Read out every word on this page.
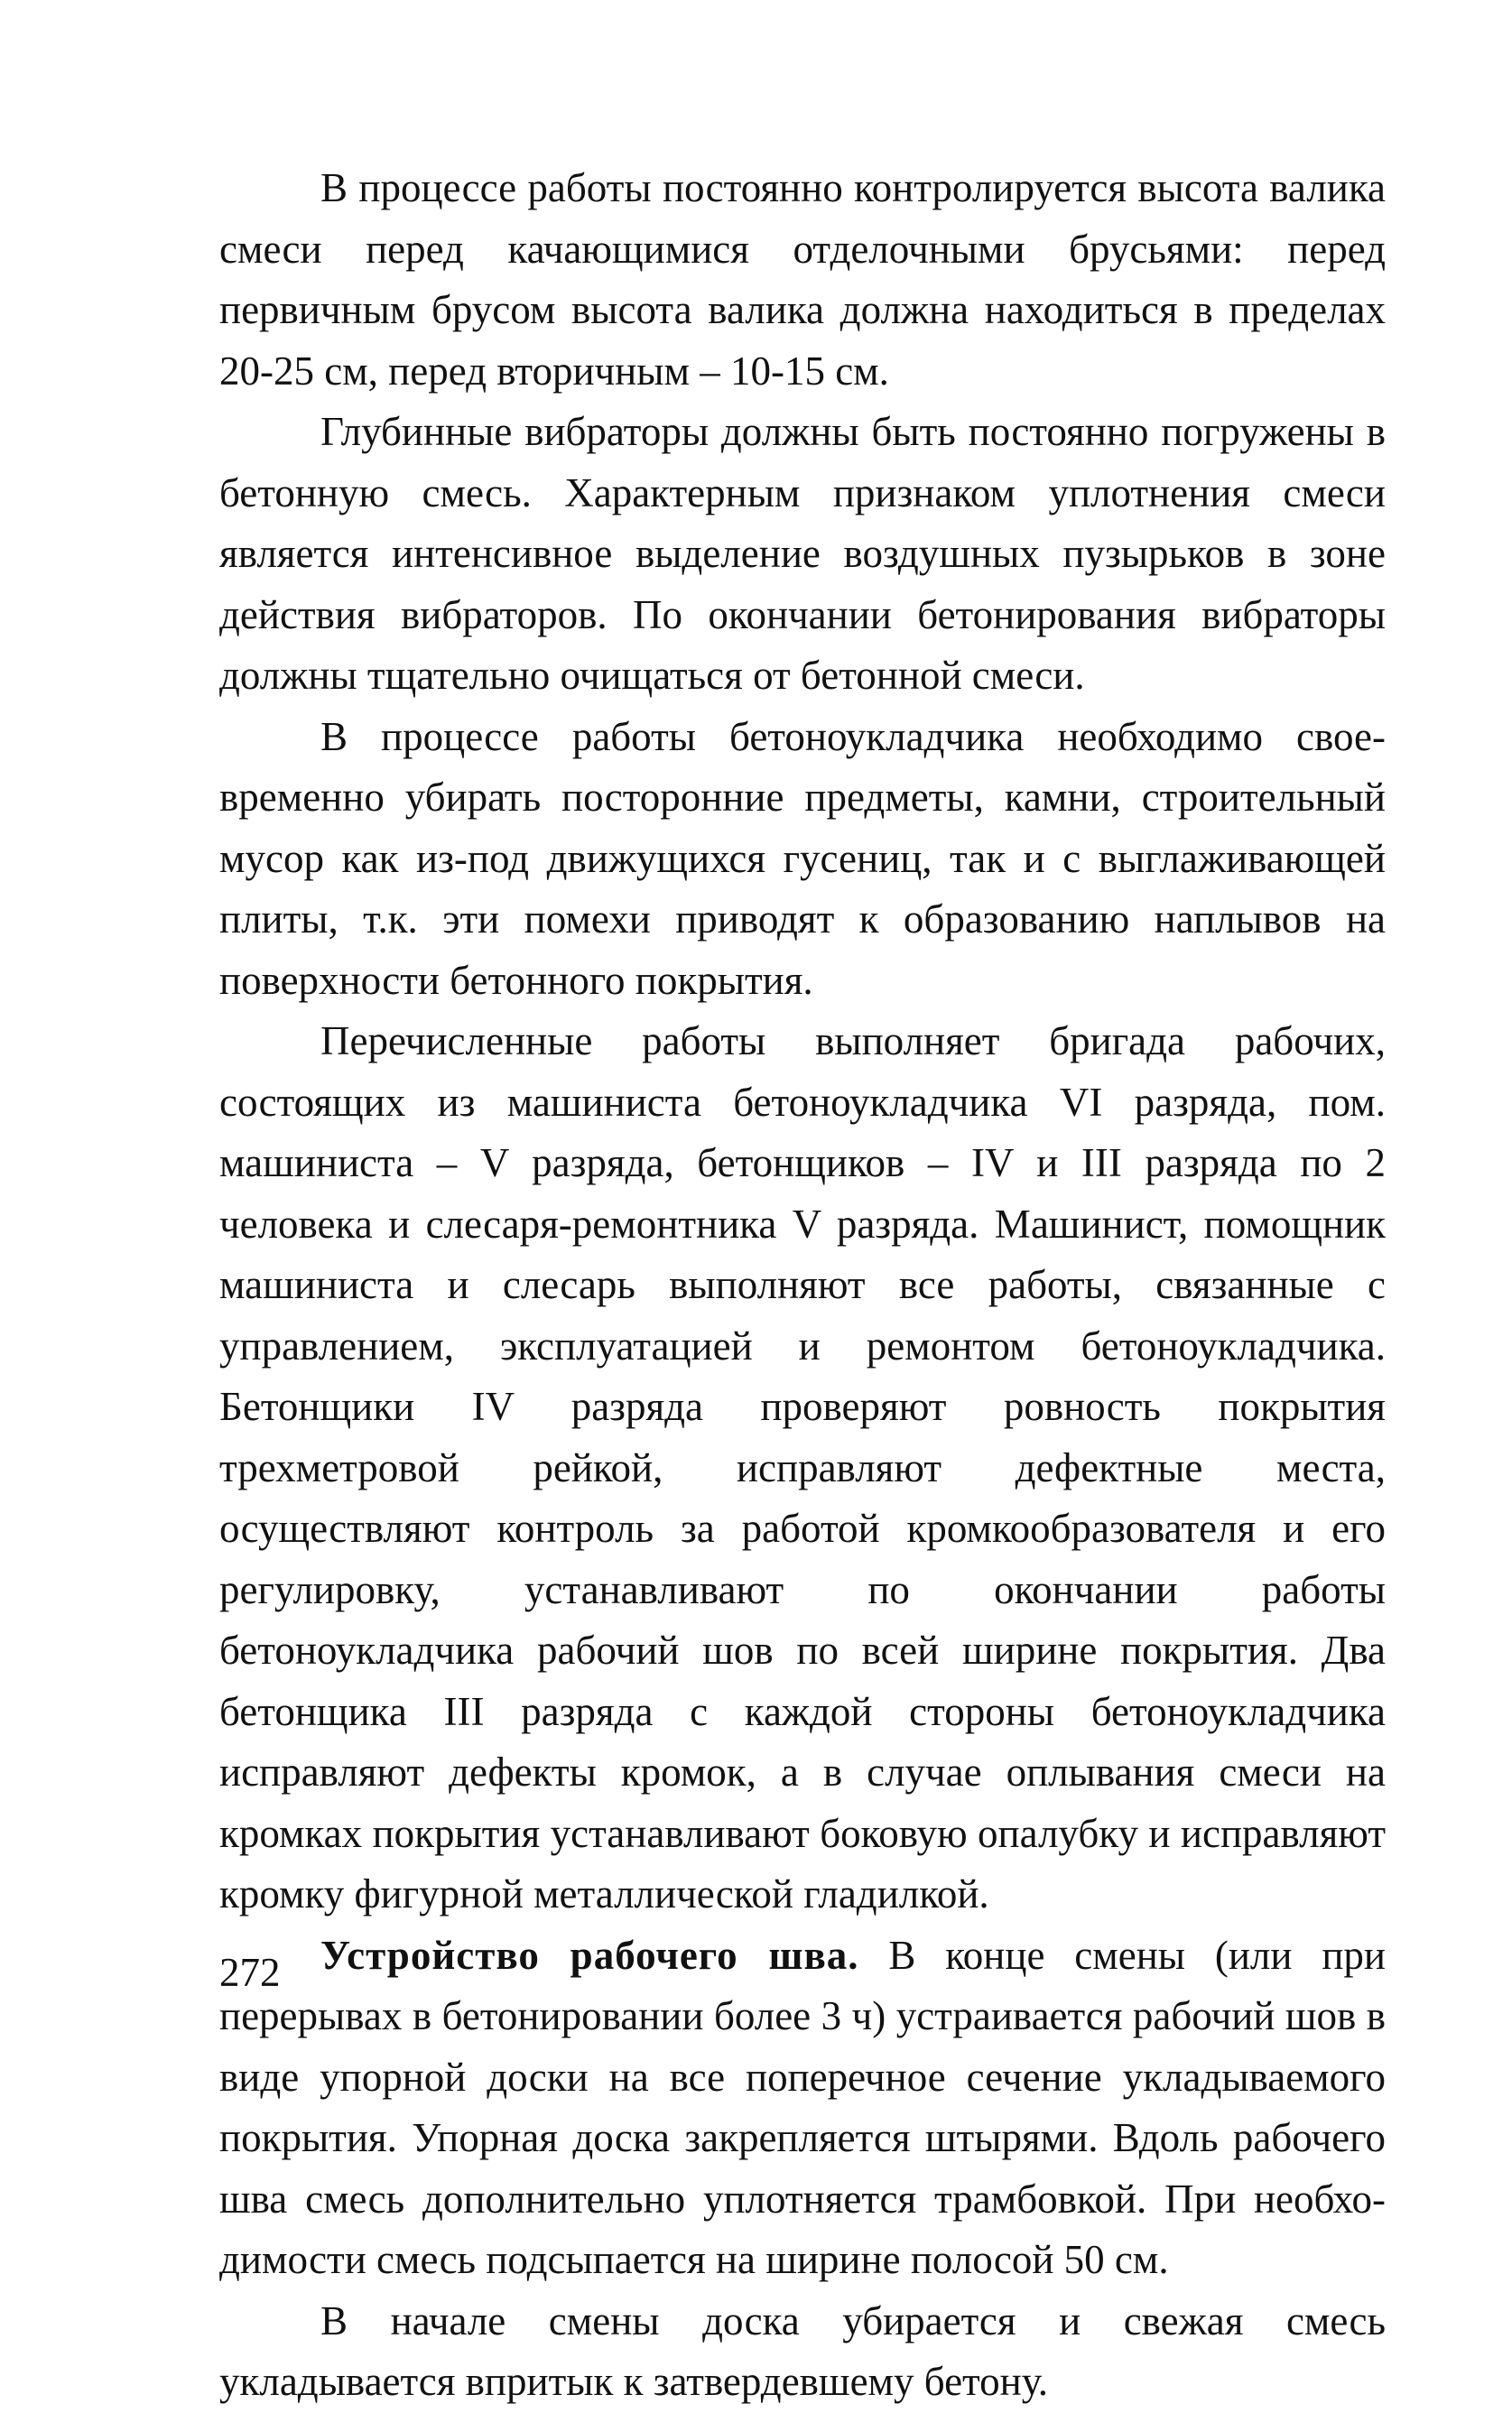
В процессе работы постоянно контролируется высота валика смеси перед качающимися отделочными брусьями: перед первичным брусом высота валика должна находиться в пределах 20-25 см, перед вторичным – 10-15 см.

Глубинные вибраторы должны быть постоянно погружены в бетонную смесь. Характерным признаком уплотнения смеси является интенсивное выделение воздушных пузырьков в зоне действия вибраторов. По окончании бетонирования вибраторы должны тщательно очищаться от бетонной смеси.

В процессе работы бетоноукладчика необходимо своевременно убирать посторонние предметы, камни, строительный мусор как из-под движущихся гусениц, так и с выглаживающей плиты, т.к. эти помехи приводят к образованию наплывов на поверхности бетонного покрытия.

Перечисленные работы выполняет бригада рабочих, состоящих из машиниста бетоноукладчика VI разряда, пом. машиниста – V разряда, бетонщиков – IV и III разряда по 2 человека и слесаря-ремонтника V разряда. Машинист, помощник машиниста и слесарь выполняют все работы, связанные с управлением, эксплуатацией и ремонтом бетоноукладчика. Бетонщики IV разряда проверяют ровность покрытия трехметровой рейкой, исправляют дефектные места, осуществляют контроль за работой кромкообразователя и его регулировку, устанавливают по окончании работы бетоноукладчика рабочий шов по всей ширине покрытия. Два бетонщика III разряда с каждой стороны бетоноукладчика исправляют дефекты кромок, а в случае оплывания смеси на кромках покрытия устанавливают боковую опалубку и исправляют кромку фигурной металлической гладилкой.

Устройство рабочего шва. В конце смены (или при перерывах в бетонировании более 3 ч) устраивается рабочий шов в виде упорной доски на все поперечное сечение укладываемого покрытия. Упорная доска закрепляется штырями. Вдоль рабочего шва смесь дополнительно уплотняется трамбовкой. При необходимости смесь подсыпается на ширине полосой 50 см.

В начале смены доска убирается и свежая смесь укладывается впритык к затвердевшему бетону.

272
